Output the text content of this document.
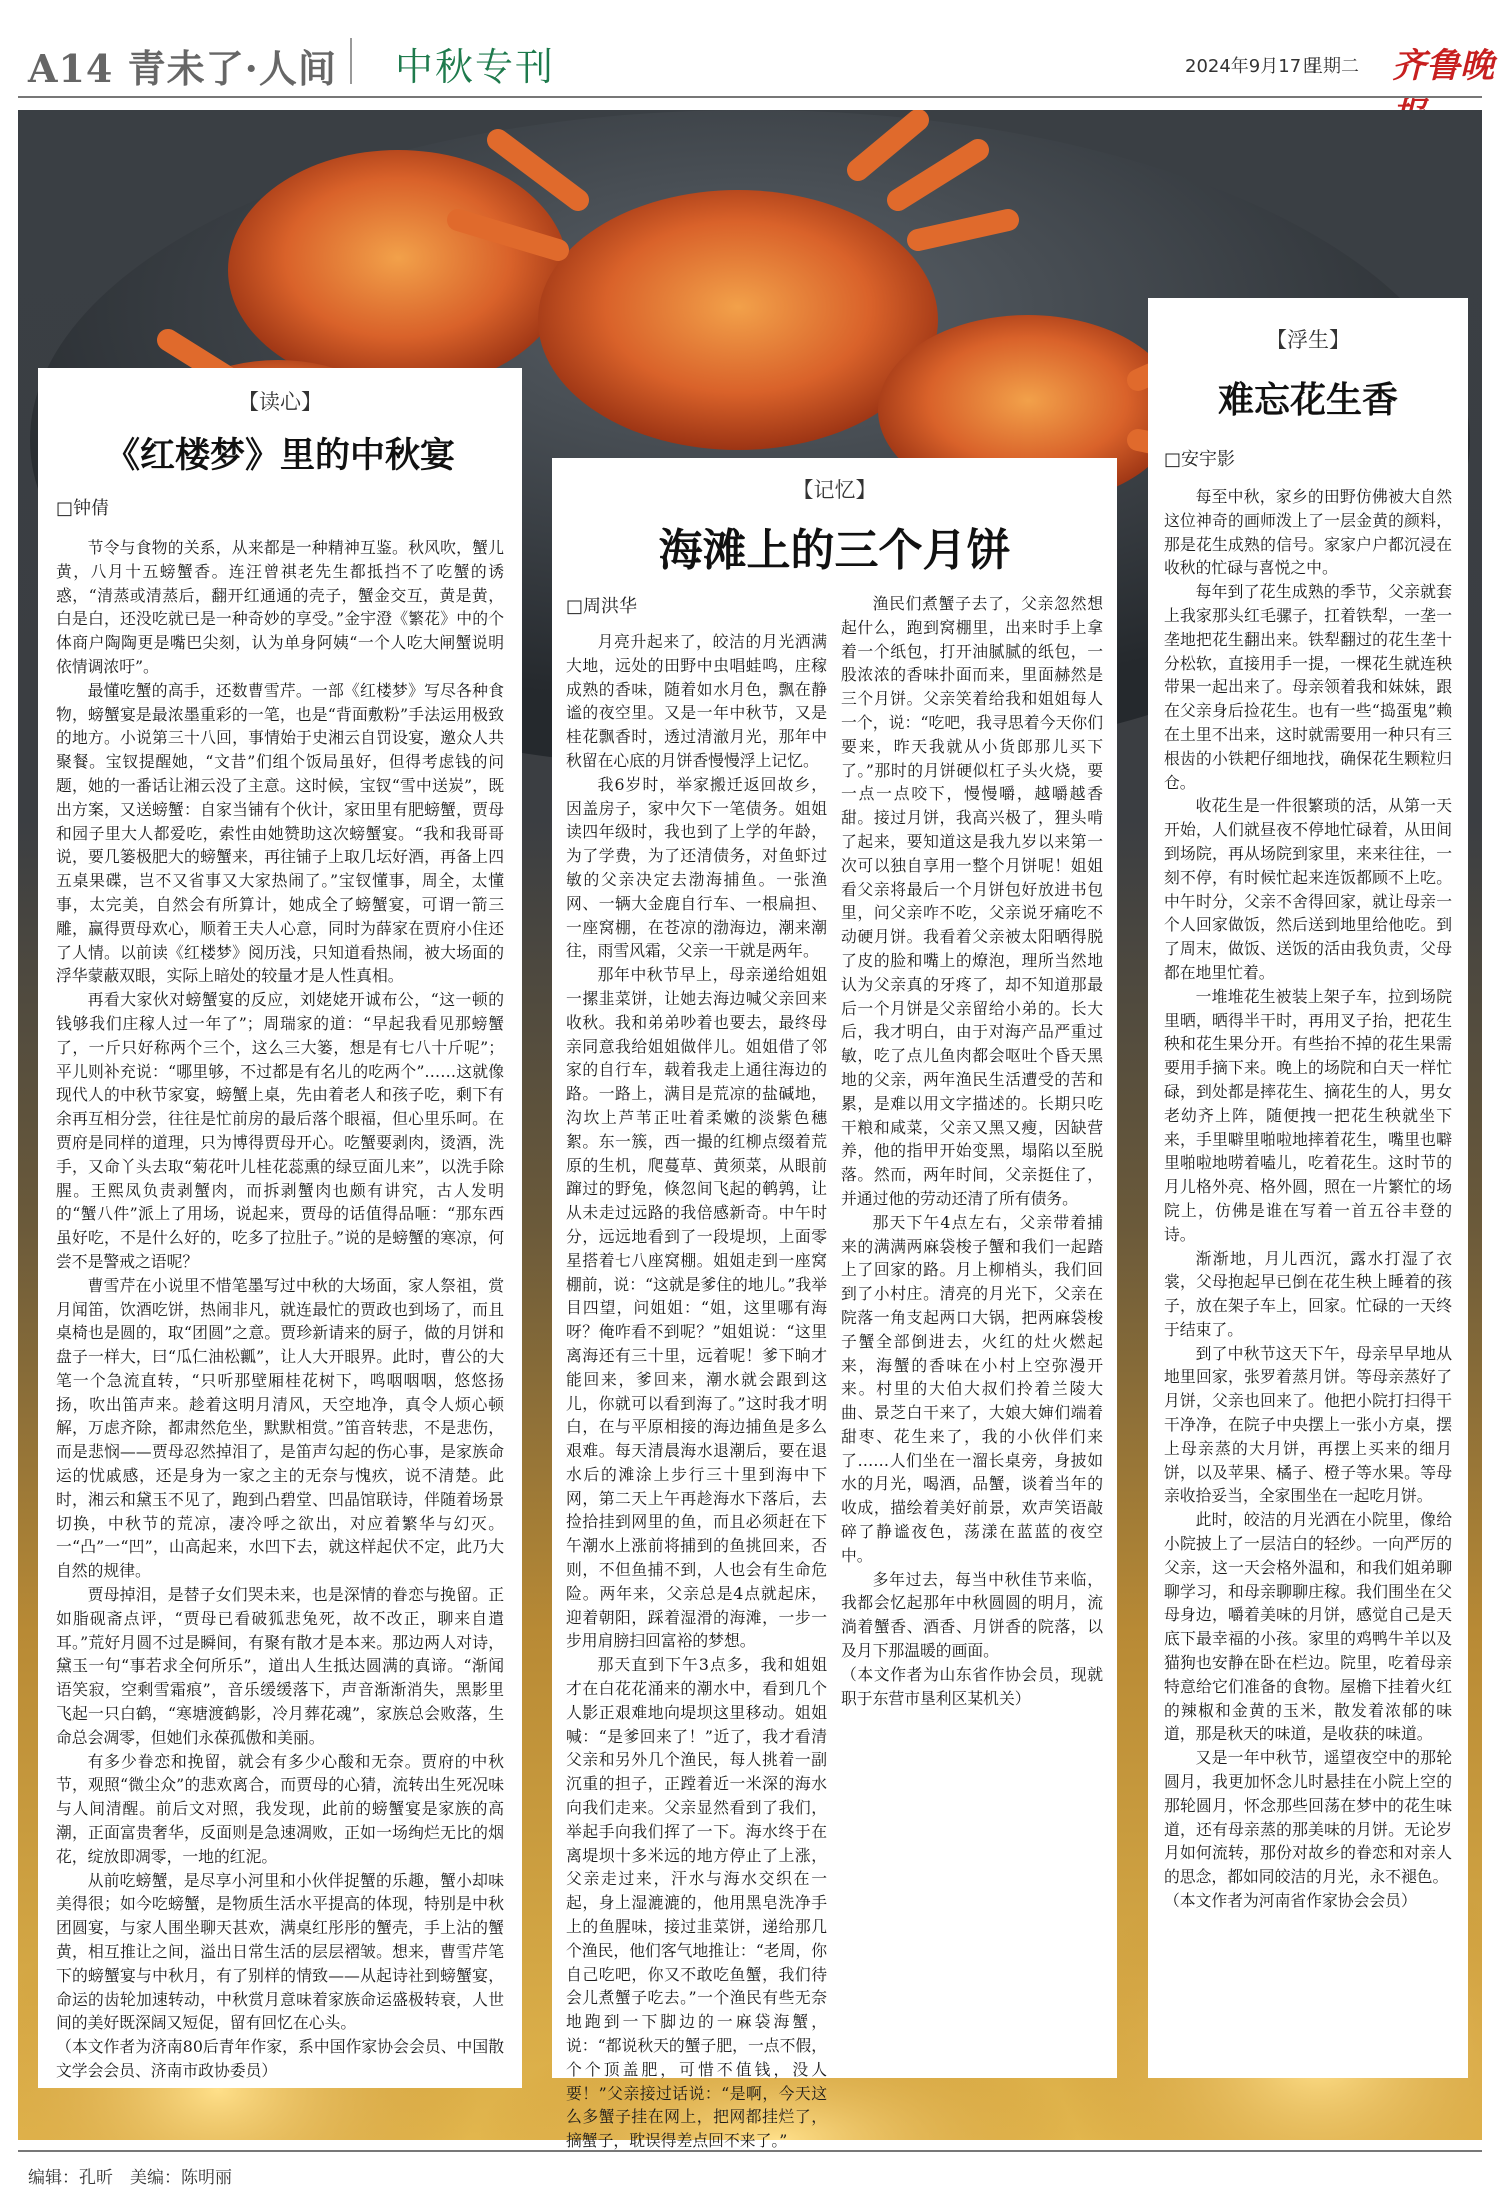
A14 青未了·人间 中秋专刊	2024年9月17日
星期二 齐鲁晚
【读心】
《红楼梦》里的中秋宴
□钟倩

节令与食物的关系，从来都是一种精神互鉴。秋风吹，蟹儿黄，八月十五螃蟹香。连汪曾祺老先生都抵挡不了吃蟹的诱惑，“清蒸或清蒸后，翻开红通通的壳子，蟹金交互，黄是黄，白是白，还没吃就已是一种奇妙的享受。”金宇澄《繁花》中的个体商户陶陶更是嘴巴尖刻，认为单身阿姨“一个人吃大闸蟹说明依情调浓吁”。

最懂吃蟹的高手，还数曹雪芹。一部《红楼梦》写尽各种食物，螃蟹宴是最浓墨重彩的一笔，也是“背面敷粉”手法运用极致的地方。小说第三十八回，事情始于史湘云自罚设宴，邀众人共聚餐。宝钗提醒她，“文昔”们组个饭局虽好，但得考虑钱的问题，她的一番话让湘云没了主意。这时候，宝钗“雪中送炭”，既出方案，又送螃蟹：自家当铺有个伙计，家田里有肥螃蟹，贾母和园子里大人都爱吃，索性由她赞助这次螃蟹宴。“我和我哥哥说，要几篓极肥大的螃蟹来，再往铺子上取几坛好酒，再备上四五桌果碟，岂不又省事又大家热闹了。”宝钗懂事，周全，太懂事，太完美，自然会有所算计，她成全了螃蟹宴，可谓一箭三雕，赢得贾母欢心，顺着王夫人心意，同时为薛家在贾府小住还了人情。以前读《红楼梦》阅历浅，只知道看热闹，被大场面的浮华蒙蔽双眼，实际上暗处的较量才是人性真相。

再看大家伙对螃蟹宴的反应，刘姥姥开诚布公，“这一顿的钱够我们庄稼人过一年了”；周瑞家的道：“早起我看见那螃蟹了，一斤只好称两个三个，这么三大篓，想是有七八十斤呢”；平儿则补充说：“哪里够，不过都是有名儿的吃两个”……这就像现代人的中秋节家宴，螃蟹上桌，先由着老人和孩子吃，剩下有余再互相分尝，往往是忙前房的最后落个眼福，但心里乐呵。在贾府是同样的道理，只为博得贾母开心。吃蟹要剥肉，烫酒，洗手，又命丫头去取“菊花叶儿桂花蕊熏的绿豆面儿来”，以洗手除腥。王熙凤负责剥蟹肉，而拆剥蟹肉也颇有讲究，古人发明的“蟹八件”派上了用场，说起来，贾母的话值得品咂：“那东西虽好吃，不是什么好的，吃多了拉肚子。”说的是螃蟹的寒凉，何尝不是警戒之语呢？

曹雪芹在小说里不惜笔墨写过中秋的大场面，家人祭祖，赏月闻笛，饮酒吃饼，热闹非凡，就连最忙的贾政也到场了，而且桌椅也是圆的，取“团圆”之意。贾珍新请来的厨子，做的月饼和盘子一样大，曰“瓜仁油松瓤”，让人大开眼界。此时，曹公的大笔一个急流直转，“只听那壁厢桂花树下，鸣咽咽咽，悠悠扬扬，吹出笛声来。趁着这明月清风，天空地净，真令人烦心顿解，万虑齐除，都肃然危坐，默默相赏。”笛音转悲，不是悲伤，而是悲悯——贾母忍然掉泪了，是笛声勾起的伤心事，是家族命运的忧戚感，还是身为一家之主的无奈与愧疚，说不清楚。此时，湘云和黛玉不见了，跑到凸碧堂、凹晶馆联诗，伴随着场景切换，中秋节的荒凉，凄冷呼之欲出，对应着繁华与幻灭。一“凸”一“凹”，山高起来，水凹下去，就这样起伏不定，此乃大自然的规律。

贾母掉泪，是替子女们哭未来，也是深情的眷恋与挽留。正如脂砚斋点评，“贾母已看破狐悲兔死，故不改正，聊来自遣耳。”荒好月圆不过是瞬间，有聚有散才是本来。那边两人对诗，黛玉一句“事若求全何所乐”，道出人生抵达圆满的真谛。“渐闻语笑寂，空剩雪霜痕”，音乐缓缓落下，声音渐渐消失，黑影里飞起一只白鹤，“寒塘渡鹤影，冷月葬花魂”，家族总会败落，生命总会凋零，但她们永葆孤傲和美丽。

有多少眷恋和挽留，就会有多少心酸和无奈。贾府的中秋节，观照“微尘众”的悲欢离合，而贾母的心猜，流转出生死况味与人间清醒。前后文对照，我发现，此前的螃蟹宴是家族的高潮，正面富贵奢华，反面则是急速凋败，正如一场绚烂无比的烟花，绽放即凋零，一地的红泥。

从前吃螃蟹，是尽享小河里和小伙伴捉蟹的乐趣，蟹小却味美得很；如今吃螃蟹，是物质生活水平提高的体现，特别是中秋团圆宴，与家人围坐聊天甚欢，满桌红彤彤的蟹壳，手上沾的蟹黄，相互推让之间，溢出日常生活的层层褶皱。想来，曹雪芹笔下的螃蟹宴与中秋月，有了别样的情致——从起诗社到螃蟹宴，命运的齿轮加速转动，中秋赏月意味着家族命运盛极转衰，人世间的美好既深阔又短促，留有回忆在心头。

（本文作者为济南80后青年作家，系中国作家协会会员、中国散文学会会员、济南市政协委员）

【记忆】
海滩上的三个月饼
□周洪华

月亮升起来了，皎洁的月光洒满大地，远处的田野中虫唱蛙鸣，庄稼成熟的香味，随着如水月色，飘在静谧的夜空里。又是一年中秋节，又是桂花飘香时，透过清澈月光，那年中秋留在心底的月饼香慢慢浮上记忆。

我6岁时，举家搬迁返回故乡，因盖房子，家中欠下一笔债务。姐姐读四年级时，我也到了上学的年龄，为了学费，为了还清债务，对鱼虾过敏的父亲决定去渤海捕鱼。一张渔网、一辆大金鹿自行车、一根扁担、一座窝棚，在苍凉的渤海边，潮来潮往，雨雪风霜，父亲一干就是两年。

那年中秋节早上，母亲递给姐姐一摞韭菜饼，让她去海边喊父亲回来收秋。我和弟弟吵着也要去，最终母亲同意我给姐姐做伴儿。姐姐借了邻家的自行车，载着我走上通往海边的路。一路上，满目是荒凉的盐碱地，沟坎上芦苇正吐着柔嫩的淡紫色穗絮。东一簇，西一撮的红柳点缀着荒原的生机，爬蔓草、黄须菜，从眼前蹿过的野兔，倏忽间飞起的鹌鹑，让从未走过远路的我倍感新奇。中午时分，远远地看到了一段堤坝，上面零星搭着七八座窝棚。姐姐走到一座窝棚前，说：“这就是爹住的地儿。”我举目四望，问姐姐：“姐，这里哪有海呀？俺咋看不到呢？”姐姐说：“这里离海还有三十里，远着呢！爹下晌才能回来，爹回来，潮水就会跟到这儿，你就可以看到海了。”这时我才明白，在与平原相接的海边捕鱼是多么艰难。每天清晨海水退潮后，要在退水后的滩涂上步行三十里到海中下网，第二天上午再趁海水下落后，去捡拾挂到网里的鱼，而且必须赶在下午潮水上涨前将捕到的鱼挑回来，否则，不但鱼捕不到，人也会有生命危险。两年来，父亲总是4点就起床，迎着朝阳，踩着湿滑的海滩，一步一步用肩膀扫回富裕的梦想。

那天直到下午3点多，我和姐姐才在白花花涌来的潮水中，看到几个人影正艰难地向堤坝这里移动。姐姐喊：“是爹回来了！”近了，我才看清父亲和另外几个渔民，每人挑着一副沉重的担子，正蹚着近一米深的海水向我们走来。父亲显然看到了我们，举起手向我们挥了一下。海水终于在离堤坝十多米远的地方停止了上涨，父亲走过来，汗水与海水交织在一起，身上湿漉漉的，他用黑皂洗净手上的鱼腥味，接过韭菜饼，递给那几个渔民，他们客气地推让：“老周，你自己吃吧，你又不敢吃鱼蟹，我们待会儿煮蟹子吃去。”一个渔民有些无奈地跑到一下脚边的一麻袋海蟹，说：“都说秋天的蟹子肥，一点不假，个个顶盖肥，可惜不值钱，没人要！”父亲接过话说：“是啊，今天这么多蟹子挂在网上，把网都挂烂了，摘蟹子，耽误得差点回不来了。”

渔民们煮蟹子去了，父亲忽然想起什么，跑到窝棚里，出来时手上拿着一个纸包，打开油腻腻的纸包，一股浓浓的香味扑面而来，里面赫然是三个月饼。父亲笑着给我和姐姐每人一个，说：“吃吧，我寻思着今天你们要来，昨天我就从小货郎那儿买下了。”那时的月饼硬似杠子头火烧，要一点一点咬下，慢慢嚼，越嚼越香甜。接过月饼，我高兴极了，狸头啃了起来，要知道这是我九岁以来第一次可以独自享用一整个月饼呢！姐姐看父亲将最后一个月饼包好放进书包里，问父亲咋不吃，父亲说牙痛吃不动硬月饼。我看着父亲被太阳晒得脱了皮的脸和嘴上的燎泡，理所当然地认为父亲真的牙疼了，却不知道那最后一个月饼是父亲留给小弟的。长大后，我才明白，由于对海产品严重过敏，吃了点儿鱼肉都会呕吐个昏天黑地的父亲，两年渔民生活遭受的苦和累，是难以用文字描述的。长期只吃干粮和咸菜，父亲又黑又瘦，因缺营养，他的指甲开始变黑，塌陷以至脱落。然而，两年时间，父亲挺住了，并通过他的劳动还清了所有债务。

那天下午4点左右，父亲带着捕来的满满两麻袋梭子蟹和我们一起踏上了回家的路。月上柳梢头，我们回到了小村庄。清亮的月光下，父亲在院落一角支起两口大锅，把两麻袋梭子蟹全部倒进去，火红的灶火燃起来，海蟹的香味在小村上空弥漫开来。村里的大伯大叔们拎着兰陵大曲、景芝白干来了，大娘大婶们端着甜枣、花生来了，我的小伙伴们来了……人们坐在一溜长桌旁，身披如水的月光，喝酒，品蟹，谈着当年的收成，描绘着美好前景，欢声笑语敲碎了静谧夜色，荡漾在蓝蓝的夜空中。

多年过去，每当中秋佳节来临，我都会忆起那年中秋圆圆的明月，流淌着蟹香、酒香、月饼香的院落，以及月下那温暖的画面。

（本文作者为山东省作协会员，现就职于东营市垦利区某机关）

【浮生】
难忘花生香
□安宇影

每至中秋，家乡的田野仿佛被大自然这位神奇的画师泼上了一层金黄的颜料，那是花生成熟的信号。家家户户都沉浸在收秋的忙碌与喜悦之中。

每年到了花生成熟的季节，父亲就套上我家那头红毛骡子，扛着铁犁，一垄一垄地把花生翻出来。铁犁翻过的花生垄十分松软，直接用手一提，一棵花生就连秧带果一起出来了。母亲领着我和妹妹，跟在父亲身后捡花生。也有一些“捣蛋鬼”赖在土里不出来，这时就需要用一种只有三根齿的小铁耙仔细地找，确保花生颗粒归仓。

收花生是一件很繁琐的活，从第一天开始，人们就昼夜不停地忙碌着，从田间到场院，再从场院到家里，来来往往，一刻不停，有时候忙起来连饭都顾不上吃。中午时分，父亲不舍得回家，就让母亲一个人回家做饭，然后送到地里给他吃。到了周末，做饭、送饭的活由我负责，父母都在地里忙着。

一堆堆花生被装上架子车，拉到场院里晒，晒得半干时，再用叉子抬，把花生秧和花生果分开。有些抬不掉的花生果需要用手摘下来。晚上的场院和白天一样忙碌，到处都是摔花生、摘花生的人，男女老幼齐上阵，随便拽一把花生秧就坐下来，手里噼里啪啦地摔着花生，嘴里也噼里啪啦地唠着嗑儿，吃着花生。这时节的月儿格外亮、格外圆，照在一片繁忙的场院上，仿佛是谁在写着一首五谷丰登的诗。

渐渐地，月儿西沉，露水打湿了衣裳，父母抱起早已倒在花生秧上睡着的孩子，放在架子车上，回家。忙碌的一天终于结束了。

到了中秋节这天下午，母亲早早地从地里回家，张罗着蒸月饼。等母亲蒸好了月饼，父亲也回来了。他把小院打扫得干干净净，在院子中央摆上一张小方桌，摆上母亲蒸的大月饼，再摆上买来的细月饼，以及苹果、橘子、橙子等水果。等母亲收拾妥当，全家围坐在一起吃月饼。

此时，皎洁的月光洒在小院里，像给小院披上了一层洁白的轻纱。一向严厉的父亲，这一天会格外温和，和我们姐弟聊聊学习，和母亲聊聊庄稼。我们围坐在父母身边，嚼着美味的月饼，感觉自己是天底下最幸福的小孩。家里的鸡鸭牛羊以及猫狗也安静在卧在栏边。院里，吃着母亲特意给它们准备的食物。屋檐下挂着火红的辣椒和金黄的玉米，散发着浓郁的味道，那是秋天的味道，是收获的味道。

又是一年中秋节，遥望夜空中的那轮圆月，我更加怀念儿时悬挂在小院上空的那轮圆月，怀念那些回荡在梦中的花生味道，还有母亲蒸的那美味的月饼。无论岁月如何流转，那份对故乡的眷恋和对亲人的思念，都如同皎洁的月光，永不褪色。

（本文作者为河南省作家协会会员）

编辑：孔昕　美编：陈明丽
